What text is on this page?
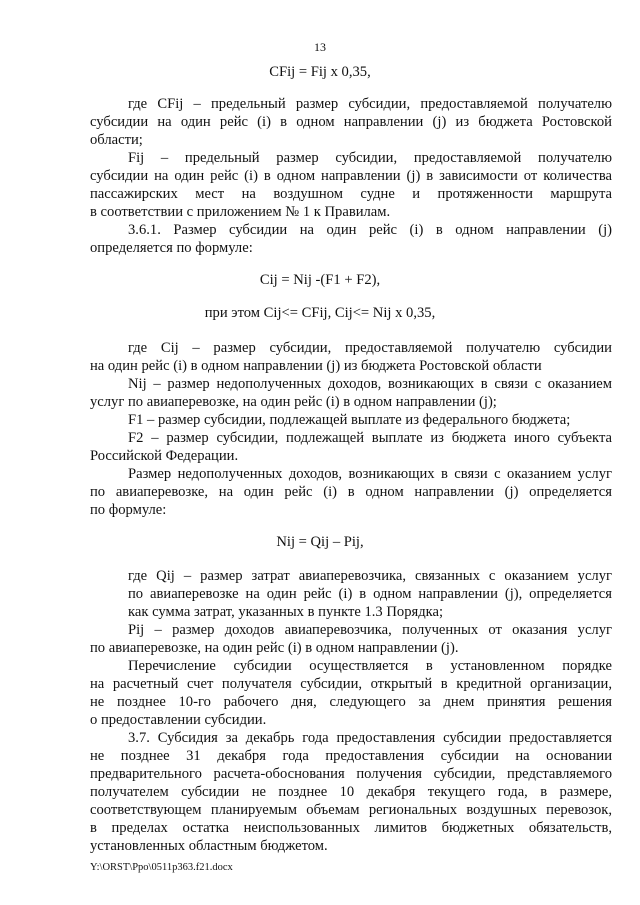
13
CFij = Fij x 0,35,
где CFij – предельный размер субсидии, предоставляемой получателю
субсидии на один рейс (i) в одном направлении (j) из бюджета Ростовской
области;
Fij – предельный размер субсидии, предоставляемой получателю
субсидии на один рейс (i) в одном направлении (j) в зависимости от количества
пассажирских мест на воздушном судне и протяженности маршрута
в соответствии с приложением № 1 к Правилам.
3.6.1. Размер субсидии на один рейс (i) в одном направлении (j)
определяется по формуле:
Cij = Nij -(F1 + F2),
при этом Cij<= CFij, Cij<= Nij x 0,35,
где Cij – размер субсидии, предоставляемой получателю субсидии
на один рейс (i) в одном направлении (j) из бюджета Ростовской области
Nij – размер недополученных доходов, возникающих в связи с оказанием
услуг по авиаперевозке, на один рейс (i) в одном направлении (j);
F1 – размер субсидии, подлежащей выплате из федерального бюджета;
F2 – размер субсидии, подлежащей выплате из бюджета иного субъекта
Российской Федерации.
Размер недополученных доходов, возникающих в связи с оказанием услуг
по авиаперевозке, на один рейс (i) в одном направлении (j) определяется
по формуле:
Nij = Qij – Pij,
где Qij – размер затрат авиаперевозчика, связанных с оказанием услуг
по авиаперевозке на один рейс (i) в одном направлении (j), определяется
как сумма затрат, указанных в пункте 1.3 Порядка;
Pij – размер доходов авиаперевозчика, полученных от оказания услуг
по авиаперевозке, на один рейс (i) в одном направлении (j).
Перечисление субсидии осуществляется в установленном порядке
на расчетный счет получателя субсидии, открытый в кредитной организации,
не позднее 10-го рабочего дня, следующего за днем принятия решения
о предоставлении субсидии.
3.7. Субсидия за декабрь года предоставления субсидии предоставляется
не позднее 31 декабря года предоставления субсидии на основании
предварительного расчета-обоснования получения субсидии, представляемого
получателем субсидии не позднее 10 декабря текущего года, в размере,
соответствующем планируемым объемам региональных воздушных перевозок,
в пределах остатка неиспользованных лимитов бюджетных обязательств,
установленных областным бюджетом.
Y:\ORST\Ppo\0511p363.f21.docx
